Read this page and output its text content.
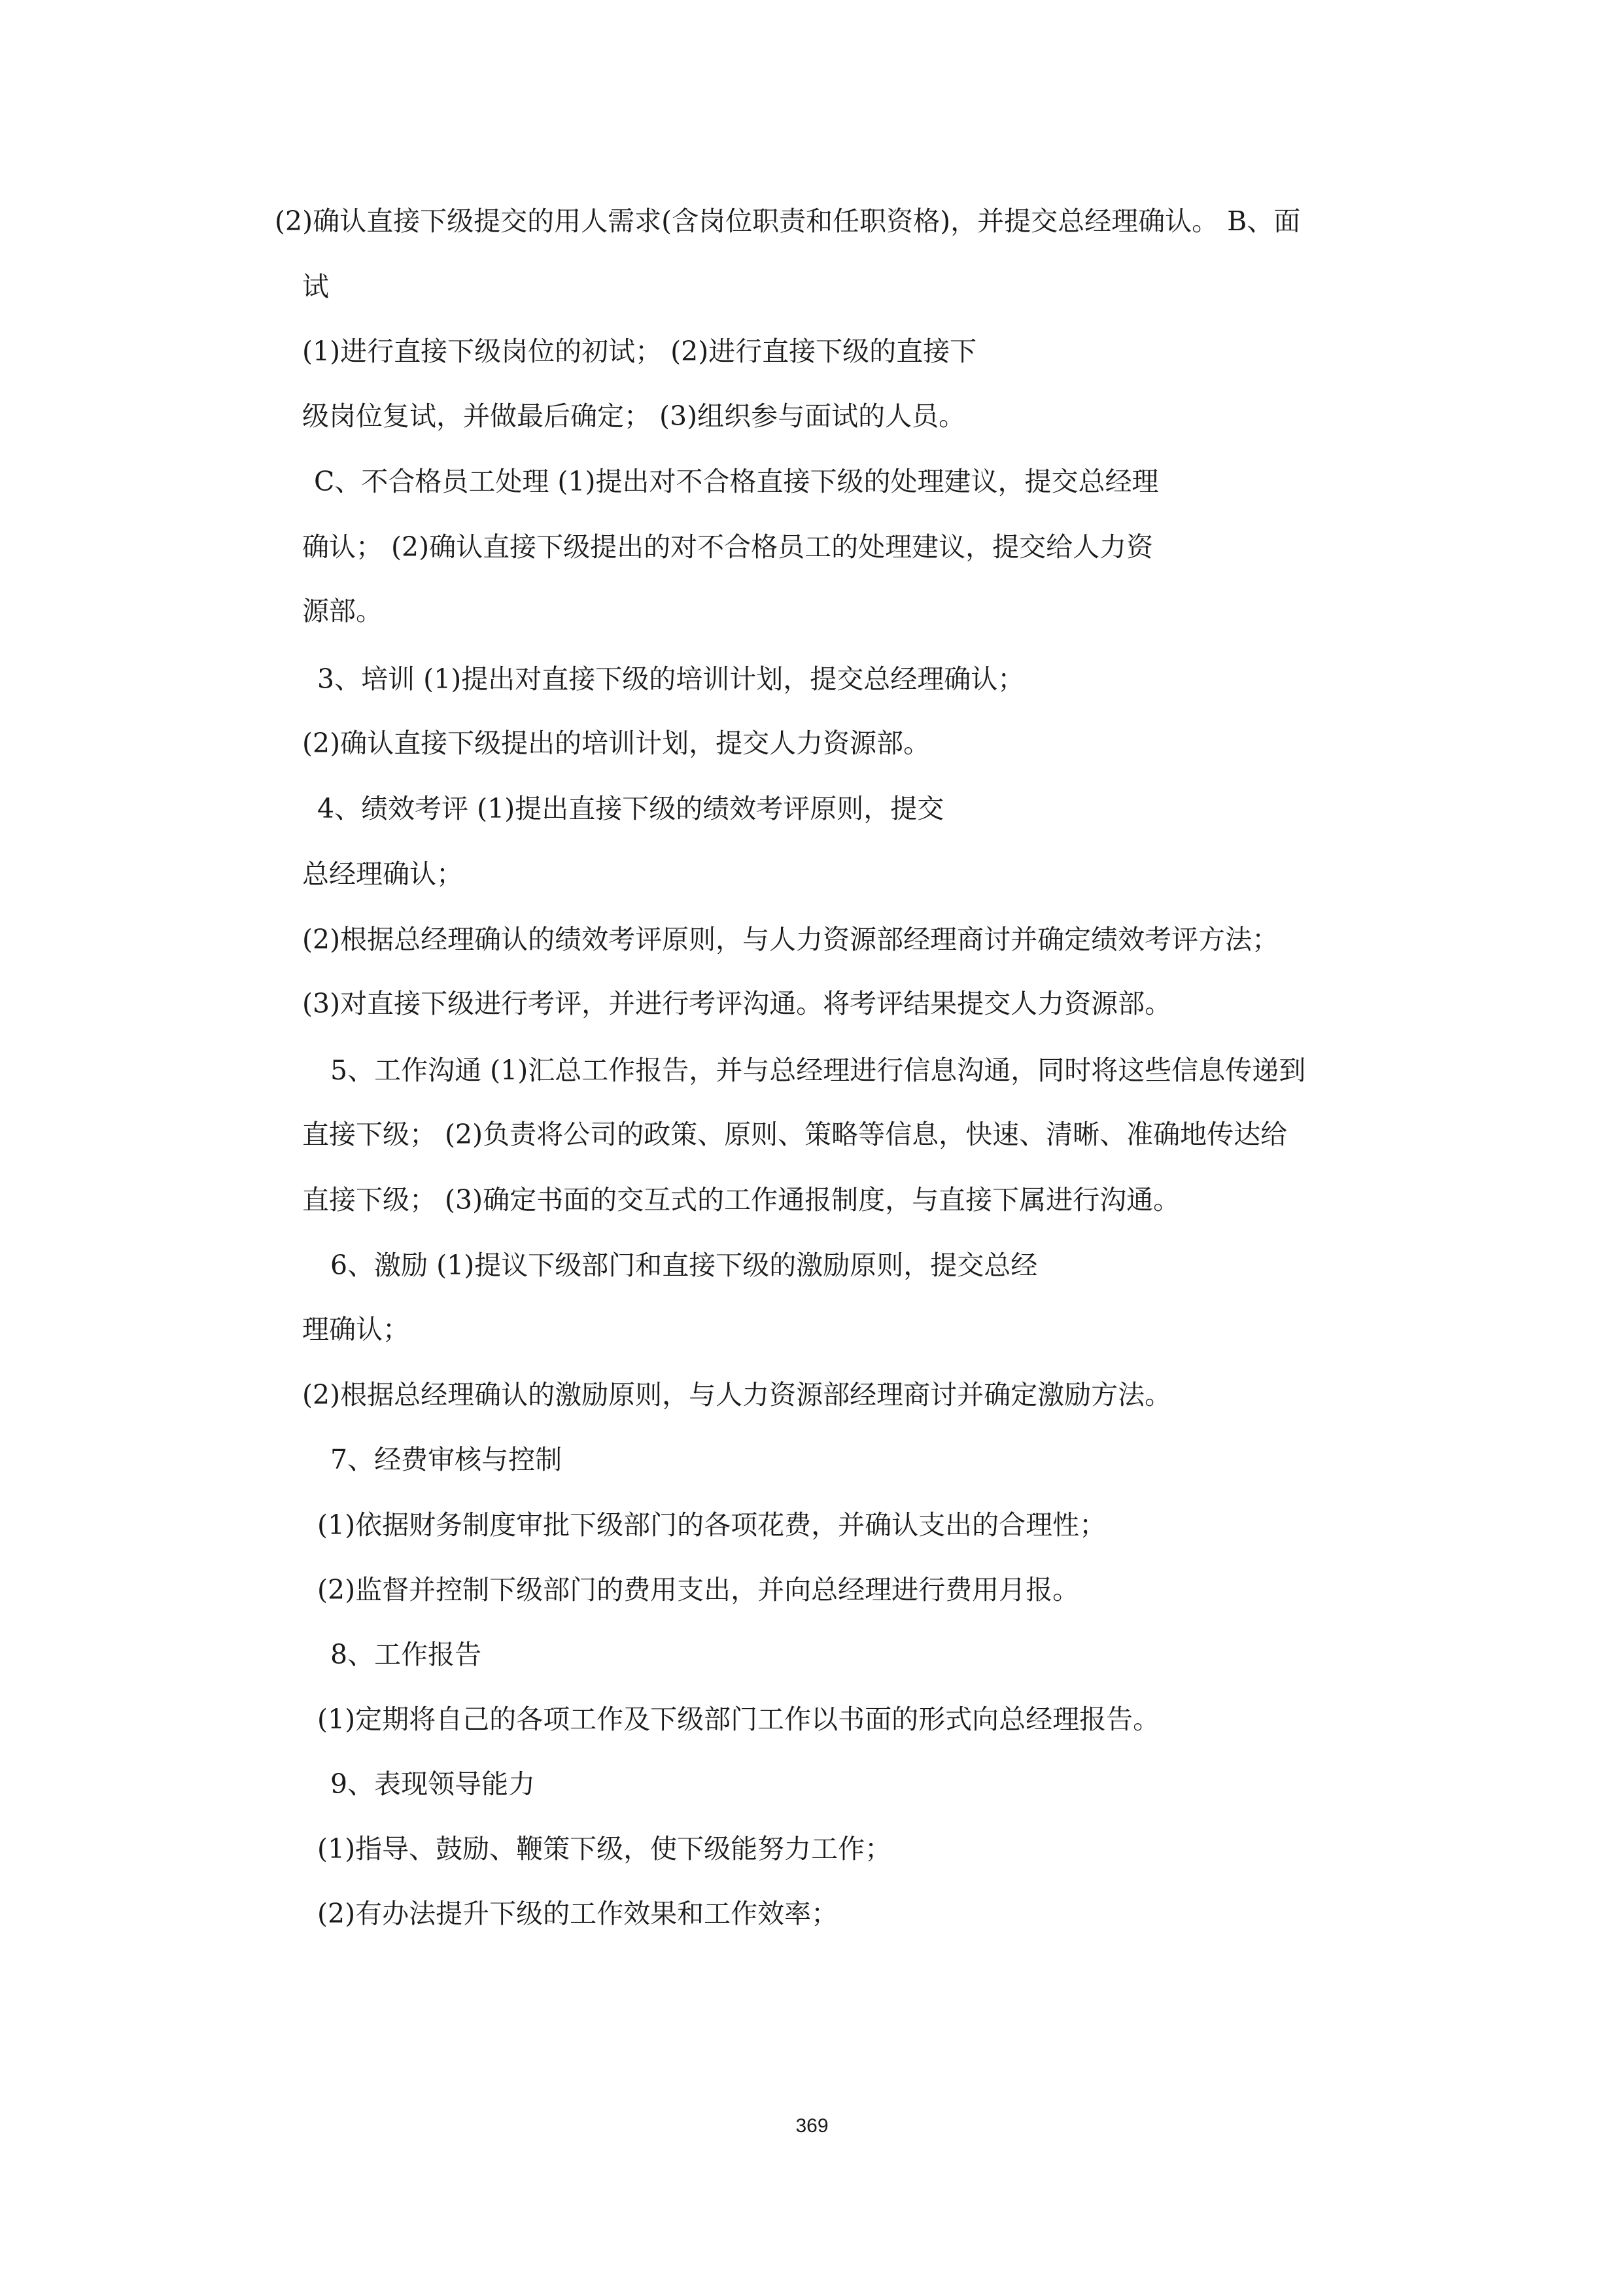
(2)确认直接下级提交的用人需求(含岗位职责和任职资格)，并提交总经理确认。 B、面
试
(1)进行直接下级岗位的初试； (2)进行直接下级的直接下
级岗位复试，并做最后确定； (3)组织参与面试的人员。
C、不合格员工处理 (1)提出对不合格直接下级的处理建议，提交总经理
确认； (2)确认直接下级提出的对不合格员工的处理建议，提交给人力资
源部。
3、培训 (1)提出对直接下级的培训计划，提交总经理确认；
(2)确认直接下级提出的培训计划，提交人力资源部。
4、绩效考评 (1)提出直接下级的绩效考评原则，提交
总经理确认；
(2)根据总经理确认的绩效考评原则，与人力资源部经理商讨并确定绩效考评方法；
(3)对直接下级进行考评，并进行考评沟通。将考评结果提交人力资源部。
5、工作沟通 (1)汇总工作报告，并与总经理进行信息沟通，同时将这些信息传递到
直接下级； (2)负责将公司的政策、原则、策略等信息，快速、清晰、准确地传达给
直接下级； (3)确定书面的交互式的工作通报制度，与直接下属进行沟通。
6、激励 (1)提议下级部门和直接下级的激励原则，提交总经
理确认；
(2)根据总经理确认的激励原则，与人力资源部经理商讨并确定激励方法。
7、经费审核与控制
(1)依据财务制度审批下级部门的各项花费，并确认支出的合理性；
(2)监督并控制下级部门的费用支出，并向总经理进行费用月报。
8、工作报告
(1)定期将自己的各项工作及下级部门工作以书面的形式向总经理报告。
9、表现领导能力
(1)指导、鼓励、鞭策下级，使下级能努力工作；
(2)有办法提升下级的工作效果和工作效率；
369
